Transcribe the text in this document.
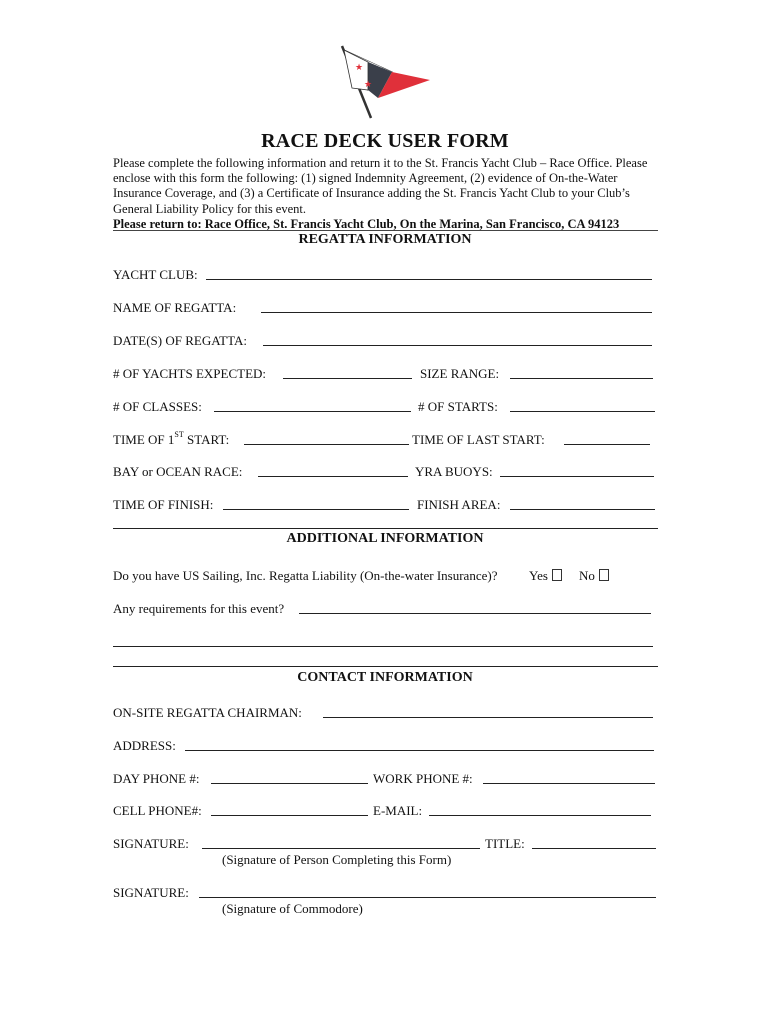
★
★
RACE DECK USER FORM

Please complete the following information and return it to the St. Francis Yacht Club – Race Office. Please enclose with this form the following: (1) signed Indemnity Agreement, (2) evidence of On-the-Water Insurance Coverage, and (3) a Certificate of Insurance adding the St. Francis Yacht Club to your Club’s General Liability Policy for this event.

Please return to: Race Office, St. Francis Yacht Club, On the Marina, San Francisco, CA 94123

REGATTA INFORMATION
YACHT CLUB:
NAME OF REGATTA:
DATE(S) OF REGATTA:
# OF YACHTS EXPECTED:	SIZE RANGE:
# OF CLASSES:	# OF STARTS:
TIME OF 1ST START:	TIME OF LAST START:
BAY or OCEAN RACE:	YRA BUOYS:
TIME OF FINISH:	FINISH AREA:
ADDITIONAL INFORMATION
Do you have US Sailing, Inc. Regatta Liability (On-the-water Insurance)? Yes	No
Any requirements for this event?
CONTACT INFORMATION
ON-SITE REGATTA CHAIRMAN:
ADDRESS:
DAY PHONE #:	WORK PHONE #:
CELL PHONE#:	E-MAIL:
SIGNATURE:	TITLE:
(Signature of Person Completing this Form)
SIGNATURE:
(Signature of Commodore)
